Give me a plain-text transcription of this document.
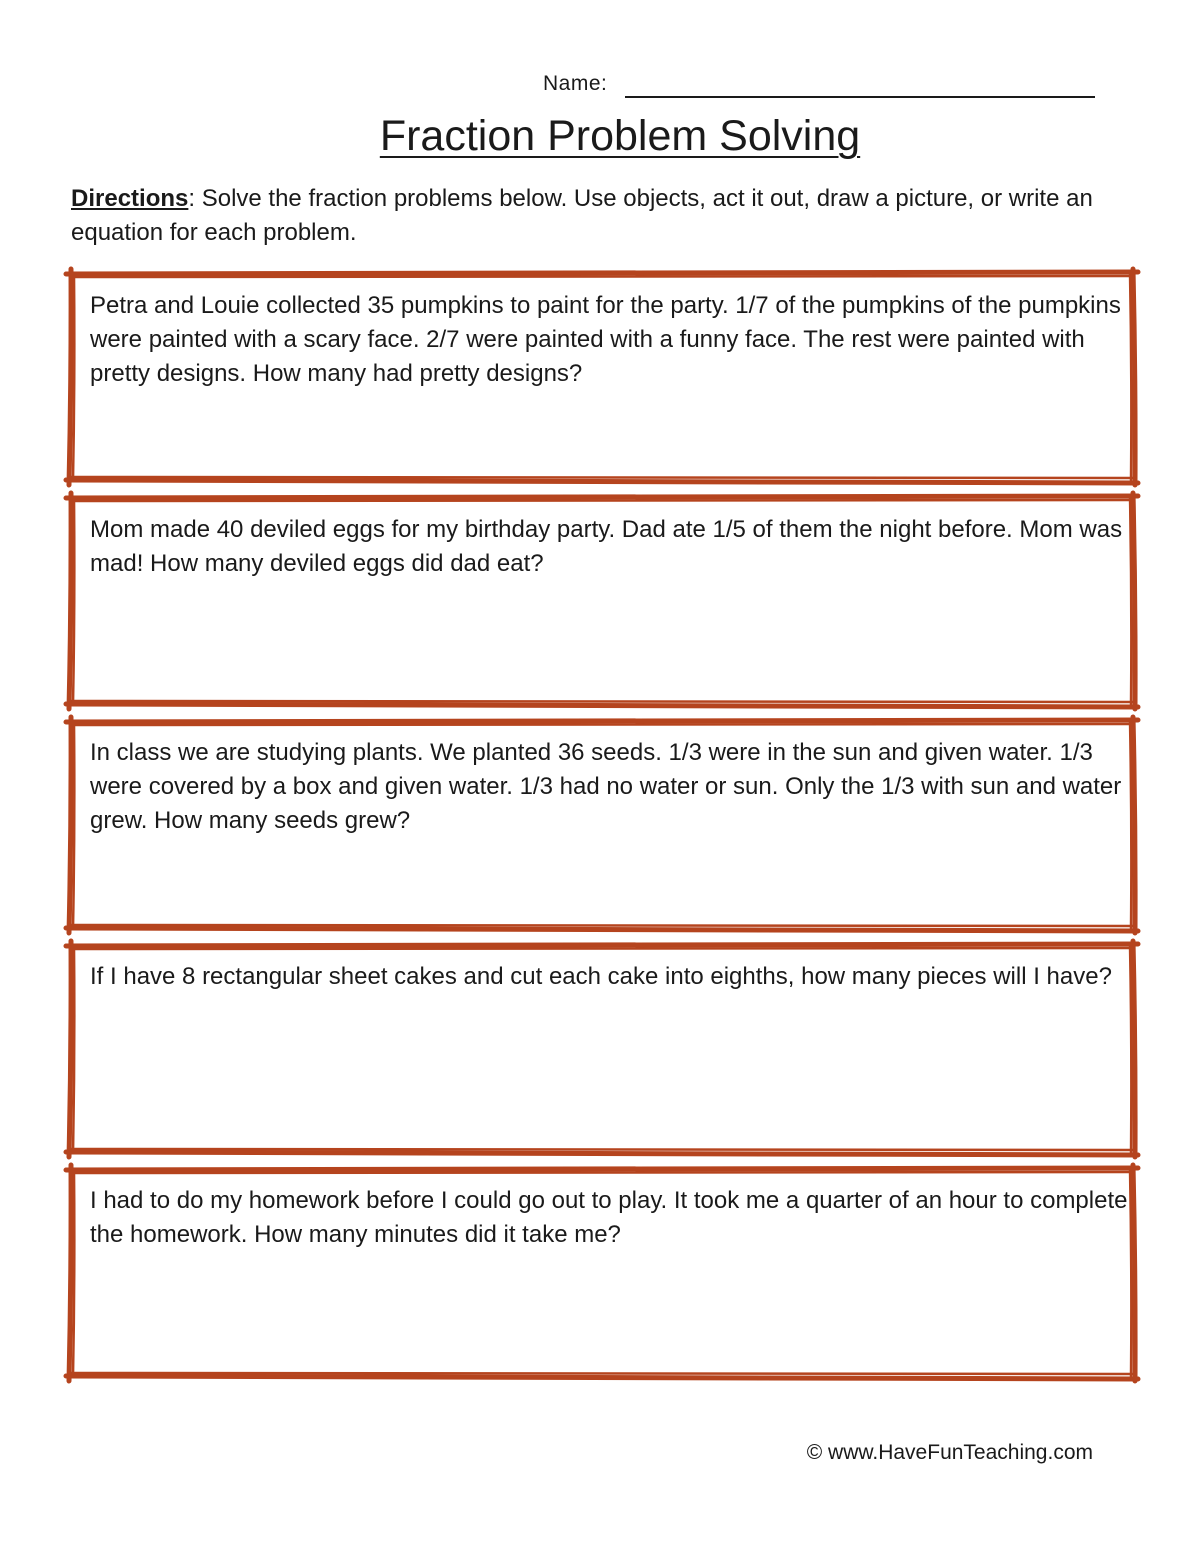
Name:
Fraction Problem Solving

Directions: Solve the fraction problems below. Use objects, act it out, draw a picture, or write an equation for each problem.

Petra and Louie collected 35 pumpkins to paint for the party. 1/7 of the pumpkins of the pumpkins were painted with a scary face. 2/7 were painted with a funny face. The rest were painted with pretty designs. How many had pretty designs?

Mom made 40 deviled eggs for my birthday party. Dad ate 1/5 of them the night before. Mom was mad! How many deviled eggs did dad eat?

In class we are studying plants. We planted 36 seeds. 1/3 were in the sun and given water. 1/3 were covered by a box and given water. 1/3 had no water or sun. Only the 1/3 with sun and water grew. How many seeds grew?

If I have 8 rectangular sheet cakes and cut each cake into eighths, how many pieces will I have?

I had to do my homework before I could go out to play. It took me a quarter of an hour to complete the homework. How many minutes did it take me?

© www.HaveFunTeaching.com
